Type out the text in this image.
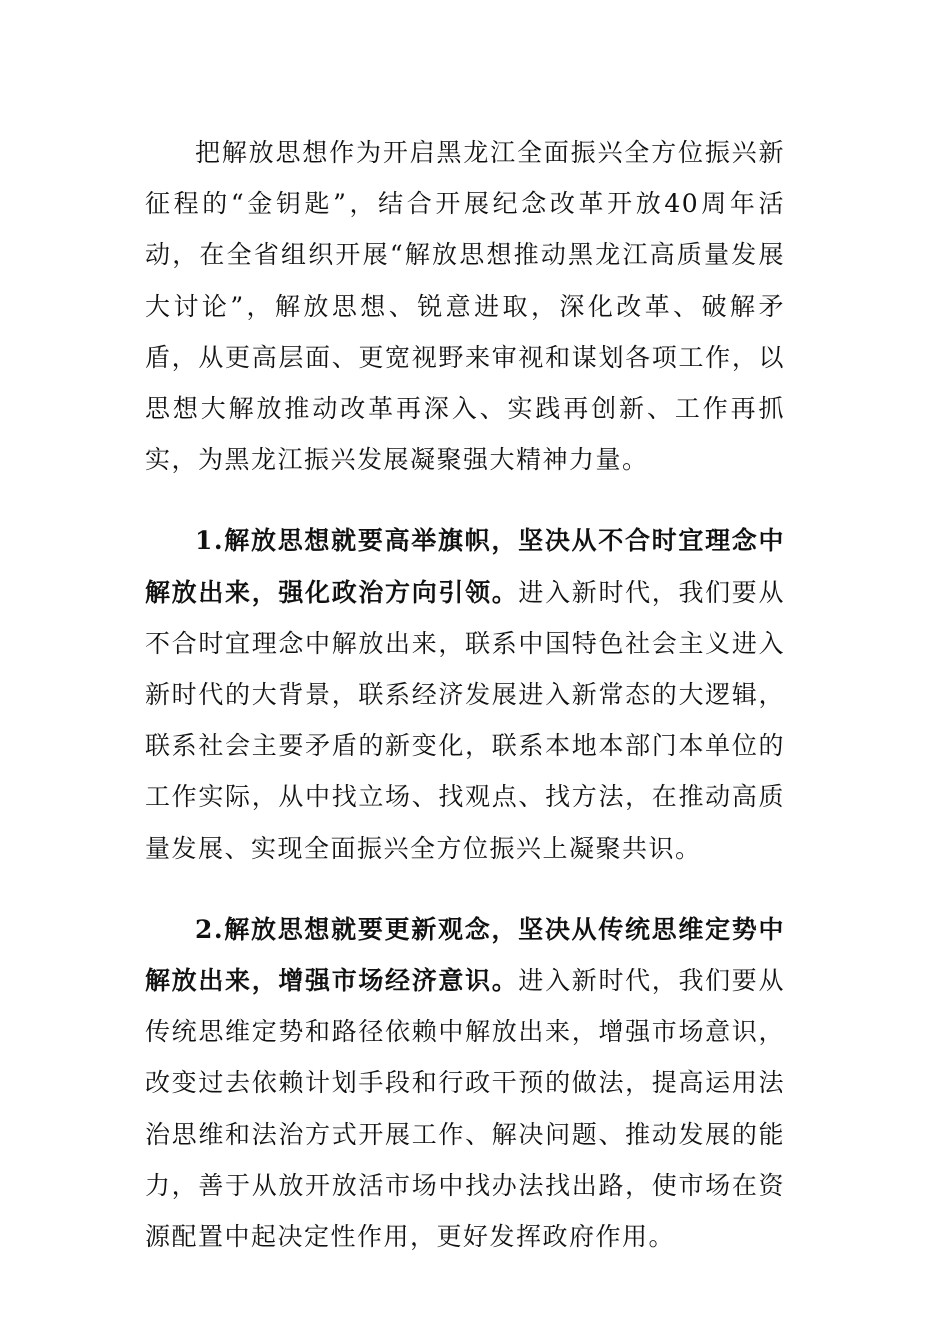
把解放思想作为开启黑龙江全面振兴全方位振兴新征程的“金钥匙”，结合开展纪念改革开放40周年活动，在全省组织开展“解放思想推动黑龙江高质量发展大讨论”，解放思想、锐意进取，深化改革、破解矛盾，从更高层面、更宽视野来审视和谋划各项工作，以思想大解放推动改革再深入、实践再创新、工作再抓实，为黑龙江振兴发展凝聚强大精神力量。

1.解放思想就要高举旗帜，坚决从不合时宜理念中解放出来，强化政治方向引领。进入新时代，我们要从不合时宜理念中解放出来，联系中国特色社会主义进入新时代的大背景，联系经济发展进入新常态的大逻辑，联系社会主要矛盾的新变化，联系本地本部门本单位的工作实际，从中找立场、找观点、找方法，在推动高质量发展、实现全面振兴全方位振兴上凝聚共识。

2.解放思想就要更新观念，坚决从传统思维定势中解放出来，增强市场经济意识。进入新时代，我们要从传统思维定势和路径依赖中解放出来，增强市场意识，改变过去依赖计划手段和行政干预的做法，提高运用法治思维和法治方式开展工作、解决问题、推动发展的能力，善于从放开放活市场中找办法找出路，使市场在资源配置中起决定性作用，更好发挥政府作用。
